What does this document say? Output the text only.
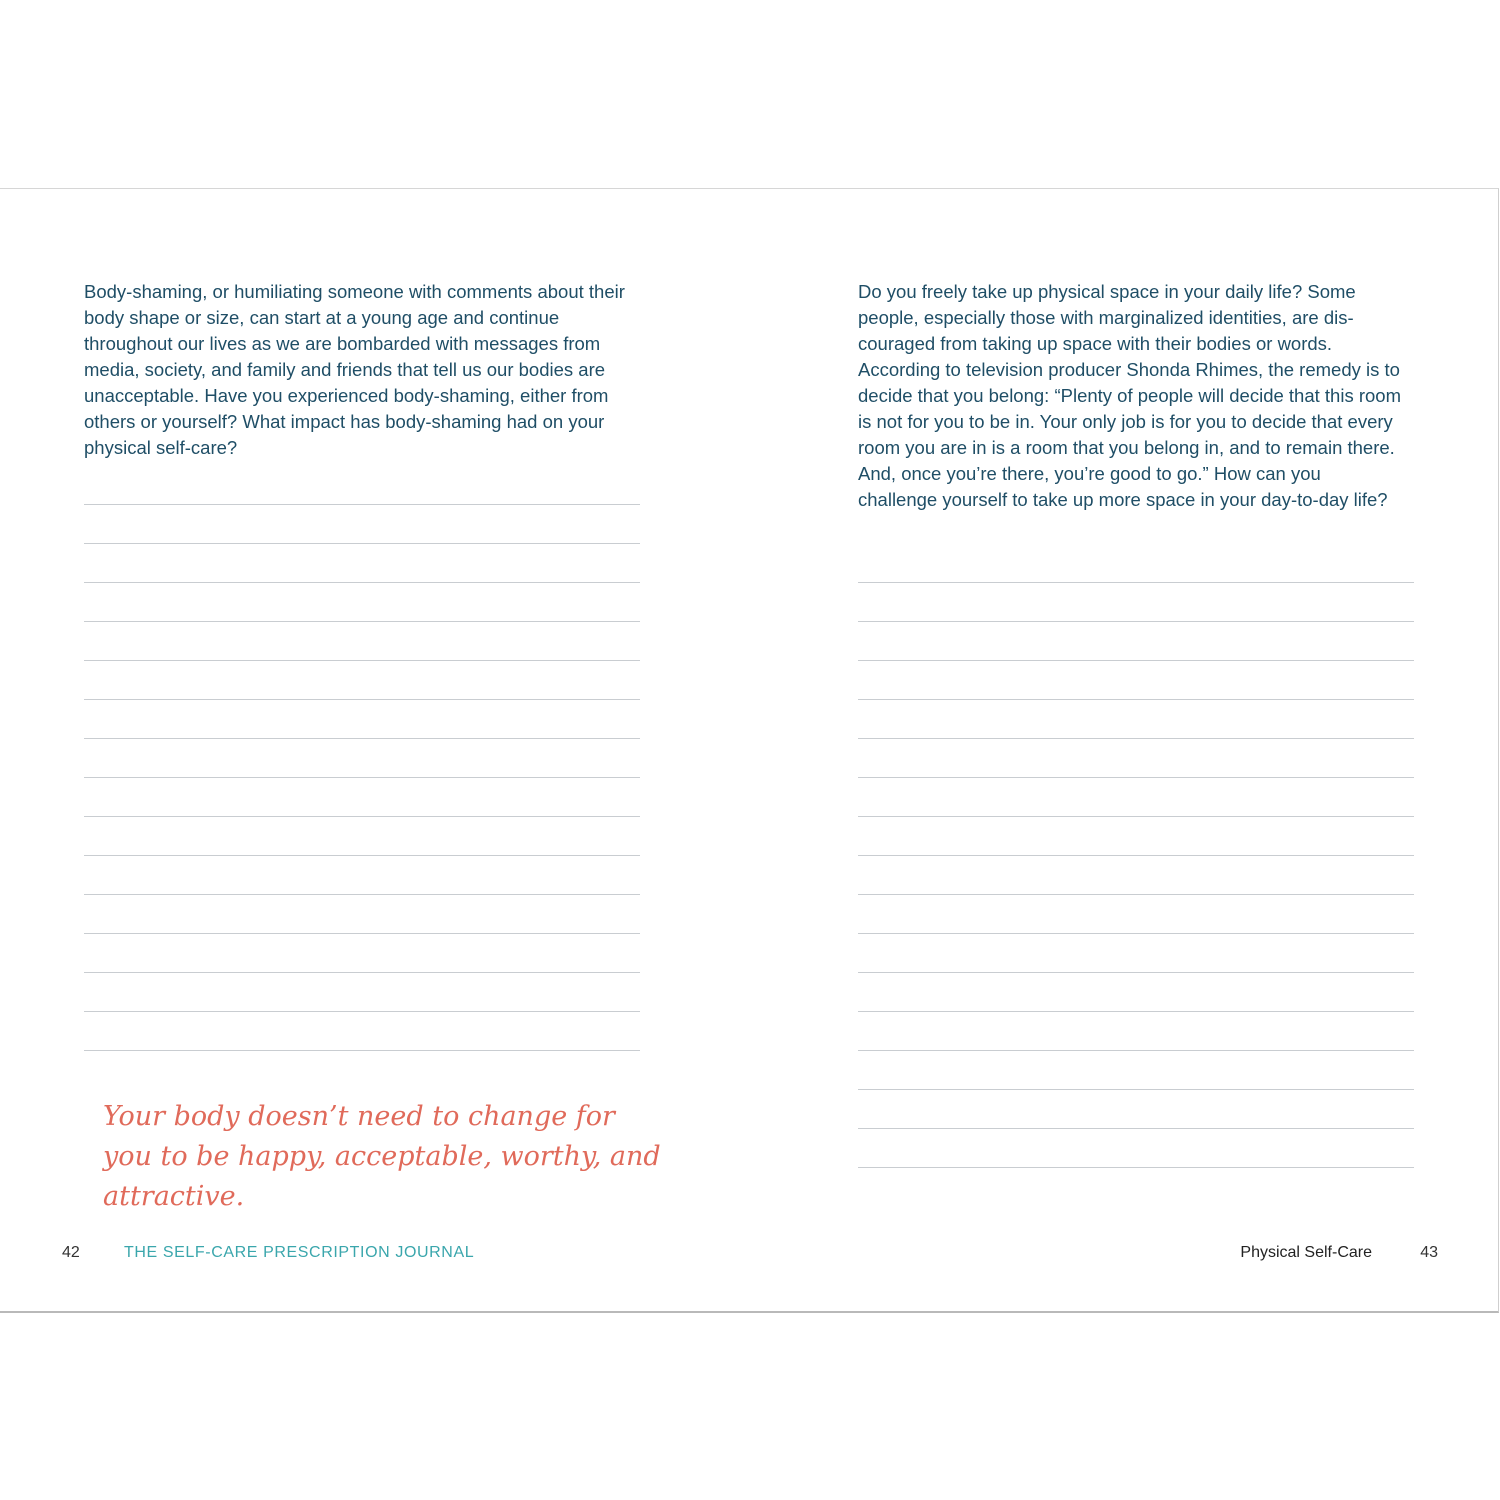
Body-shaming, or humiliating someone with comments about their body shape or size, can start at a young age and continue throughout our lives as we are bombarded with messages from media, society, and family and friends that tell us our bodies are unacceptable. Have you experienced body-shaming, either from others or yourself? What impact has body-shaming had on your physical self-care?

Your body doesn’t need to change for you to be happy, acceptable, worthy, and attractive.

42	THE SELF-CARE PRESCRIPTION JOURNAL

Do you freely take up physical space in your daily life? Some people, especially those with marginalized identities, are discouraged from taking up space with their bodies or words. According to television producer Shonda Rhimes, the remedy is to decide that you belong: “Plenty of people will decide that this room is not for you to be in. Your only job is for you to decide that every room you are in is a room that you belong in, and to remain there. And, once you’re there, you’re good to go.” How can you challenge yourself to take up more space in your day-to-day life?

Physical Self-Care	43
